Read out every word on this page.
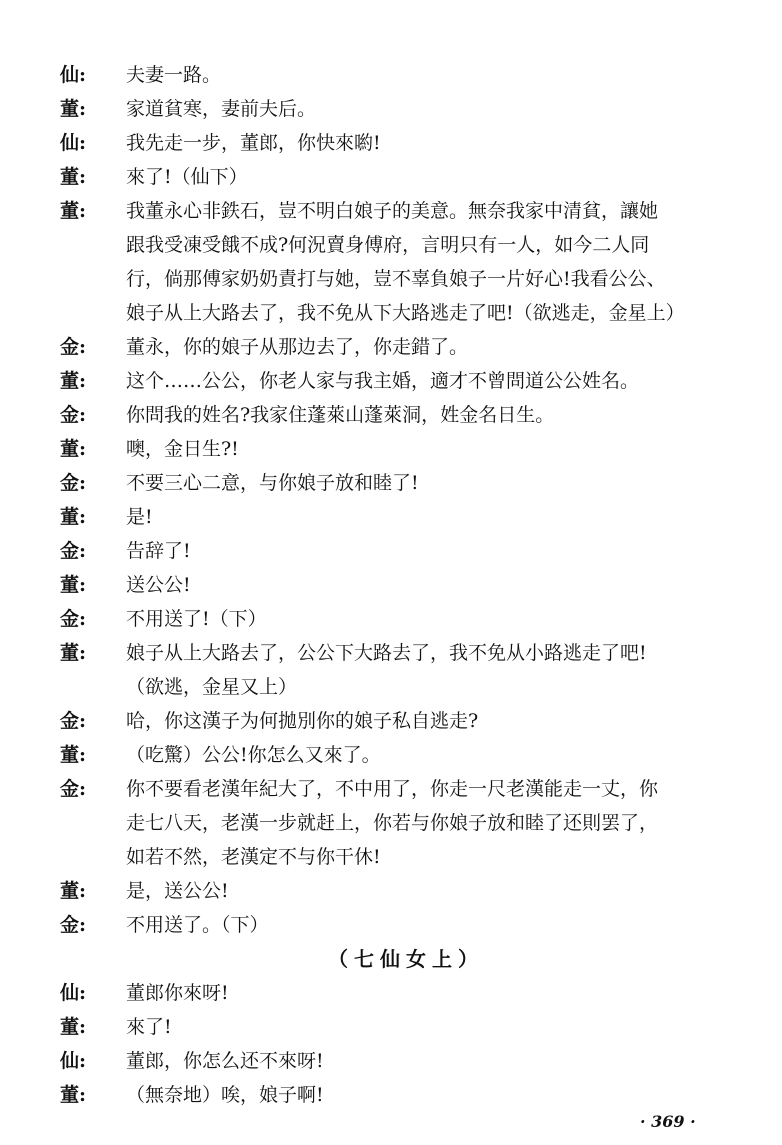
仙:	夫妻一路。
董:	家道貧寒，妻前夫后。
仙:	我先走一步，董郎，你快來喲!
董:	來了!（仙下）
董:	我董永心非鉄石，豈不明白娘子的美意。無奈我家中清貧，讓她
跟我受凍受餓不成?何況賣身傅府，言明只有一人，如今二人同
行，倘那傅家奶奶責打与她，豈不辜負娘子一片好心!我看公公、
娘子从上大路去了，我不免从下大路逃走了吧!（欲逃走，金星上）
金:	董永，你的娘子从那边去了，你走錯了。
董:	这个……公公，你老人家与我主婚，適才不曾問道公公姓名。
金:	你問我的姓名?我家住蓬萊山蓬萊洞，姓金名日生。
董:	噢，金日生?!
金:	不要三心二意，与你娘子放和睦了!
董:	是!
金:	告辞了!
董:	送公公!
金:	不用送了!（下）
董:	娘子从上大路去了，公公下大路去了，我不免从小路逃走了吧!
（欲逃，金星又上）
金:	哈，你这漢子为何拋別你的娘子私自逃走?
董:	（吃驚）公公!你怎么又來了。
金:	你不要看老漢年紀大了，不中用了，你走一尺老漢能走一丈，你
走七八天，老漢一步就赶上，你若与你娘子放和睦了还則罢了，
如若不然，老漢定不与你干休!
董:	是，送公公!
金:	不用送了。（下）
（七仙女上）
仙:	董郎你來呀!
董:	來了!
仙:	董郎，你怎么还不來呀!
董:	（無奈地）唉，娘子啊!
· 369 ·
